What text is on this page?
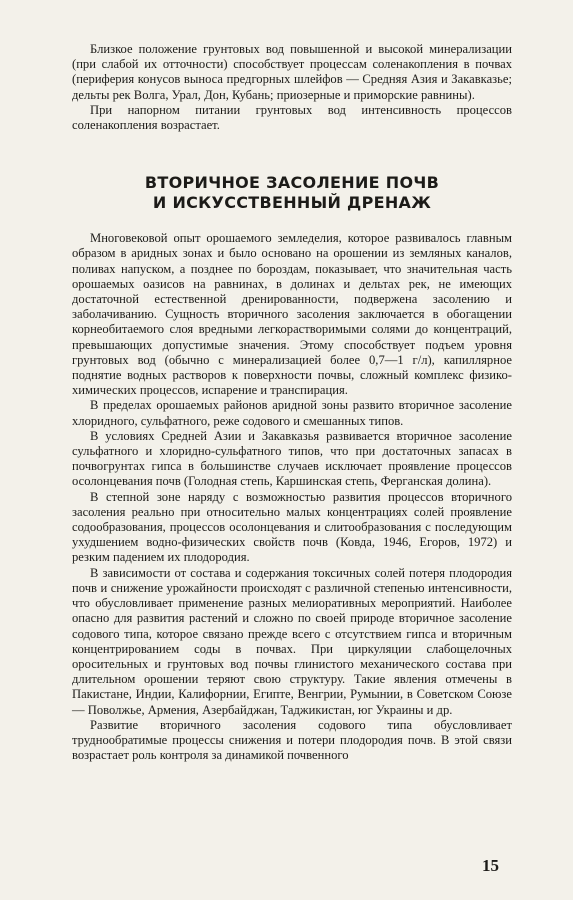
Близкое положение грунтовых вод повышенной и высокой минерализации (при слабой их отточности) способствует процессам соленакопления в почвах (периферия конусов выноса предгорных шлейфов — Средняя Азия и Закавказье; дельты рек Волга, Урал, Дон, Кубань; приозерные и приморские равнины).

При напорном питании грунтовых вод интенсивность процессов соленакопления возрастает.

ВТОРИЧНОЕ ЗАСОЛЕНИЕ ПОЧВ
И ИСКУССТВЕННЫЙ ДРЕНАЖ

Многовековой опыт орошаемого земледелия, которое развивалось главным образом в аридных зонах и было основано на орошении из земляных каналов, поливах напуском, а позднее по бороздам, показывает, что значительная часть орошаемых оазисов на равнинах, в долинах и дельтах рек, не имеющих достаточной естественной дренированности, подвержена засолению и заболачиванию. Сущность вторичного засоления заключается в обогащении корнеобитаемого слоя вредными легкорастворимыми солями до концентраций, превышающих допустимые значения. Этому способствует подъем уровня грунтовых вод (обычно с минерализацией более 0,7—1 г/л), капиллярное поднятие водных растворов к поверхности почвы, сложный комплекс физико-химических процессов, испарение и транспирация.

В пределах орошаемых районов аридной зоны развито вторичное засоление хлоридного, сульфатного, реже содового и смешанных типов.

В условиях Средней Азии и Закавказья развивается вторичное засоление сульфатного и хлоридно-сульфатного типов, что при достаточных запасах в почвогрунтах гипса в большинстве случаев исключает проявление процессов осолонцевания почв (Голодная степь, Каршинская степь, Ферганская долина).

В степной зоне наряду с возможностью развития процессов вторичного засоления реально при относительно малых концентрациях солей проявление содообразования, процессов осолонцевания и слитообразования с последующим ухудшением водно-физических свойств почв (Ковда, 1946, Егоров, 1972) и резким падением их плодородия.

В зависимости от состава и содержания токсичных солей потеря плодородия почв и снижение урожайности происходят с различной степенью интенсивности, что обусловливает применение разных мелиоративных мероприятий. Наиболее опасно для развития растений и сложно по своей природе вторичное засоление содового типа, которое связано прежде всего с отсутствием гипса и вторичным концентрированием соды в почвах. При циркуляции слабощелочных оросительных и грунтовых вод почвы глинистого механического состава при длительном орошении теряют свою структуру. Такие явления отмечены в Пакистане, Индии, Калифорнии, Египте, Венгрии, Румынии, в Советском Союзе — Поволжье, Армения, Азербайджан, Таджикистан, юг Украины и др.

Развитие вторичного засоления содового типа обусловливает труднообратимые процессы снижения и потери плодородия почв. В этой связи возрастает роль контроля за динамикой почвенного

15
